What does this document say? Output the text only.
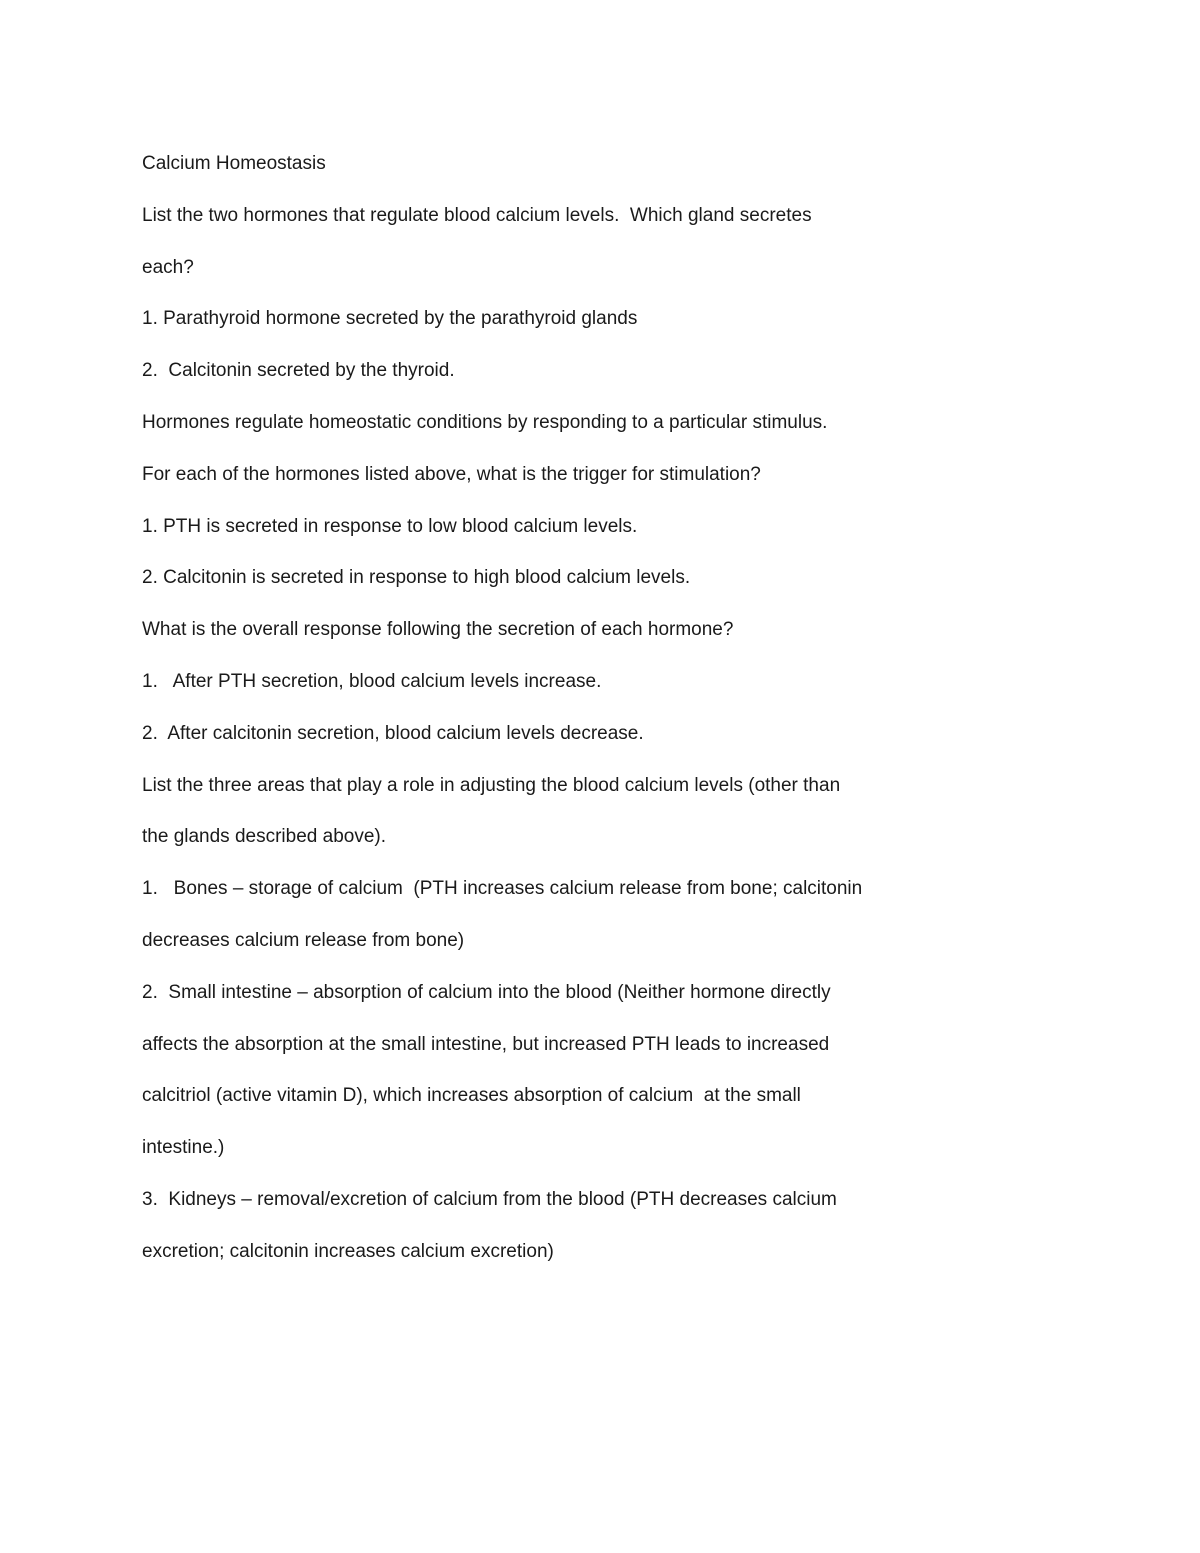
Calcium Homeostasis
List the two hormones that regulate blood calcium levels.  Which gland secretes
each?
1. Parathyroid hormone secreted by the parathyroid glands
2.  Calcitonin secreted by the thyroid.
Hormones regulate homeostatic conditions by responding to a particular stimulus.
For each of the hormones listed above, what is the trigger for stimulation?
1. PTH is secreted in response to low blood calcium levels.
2. Calcitonin is secreted in response to high blood calcium levels.
What is the overall response following the secretion of each hormone?
1.   After PTH secretion, blood calcium levels increase.
2.  After calcitonin secretion, blood calcium levels decrease.
List the three areas that play a role in adjusting the blood calcium levels (other than
the glands described above).
1.   Bones – storage of calcium  (PTH increases calcium release from bone; calcitonin
decreases calcium release from bone)
2.  Small intestine – absorption of calcium into the blood (Neither hormone directly
affects the absorption at the small intestine, but increased PTH leads to increased
calcitriol (active vitamin D), which increases absorption of calcium  at the small
intestine.)
3.  Kidneys – removal/excretion of calcium from the blood (PTH decreases calcium
excretion; calcitonin increases calcium excretion)
